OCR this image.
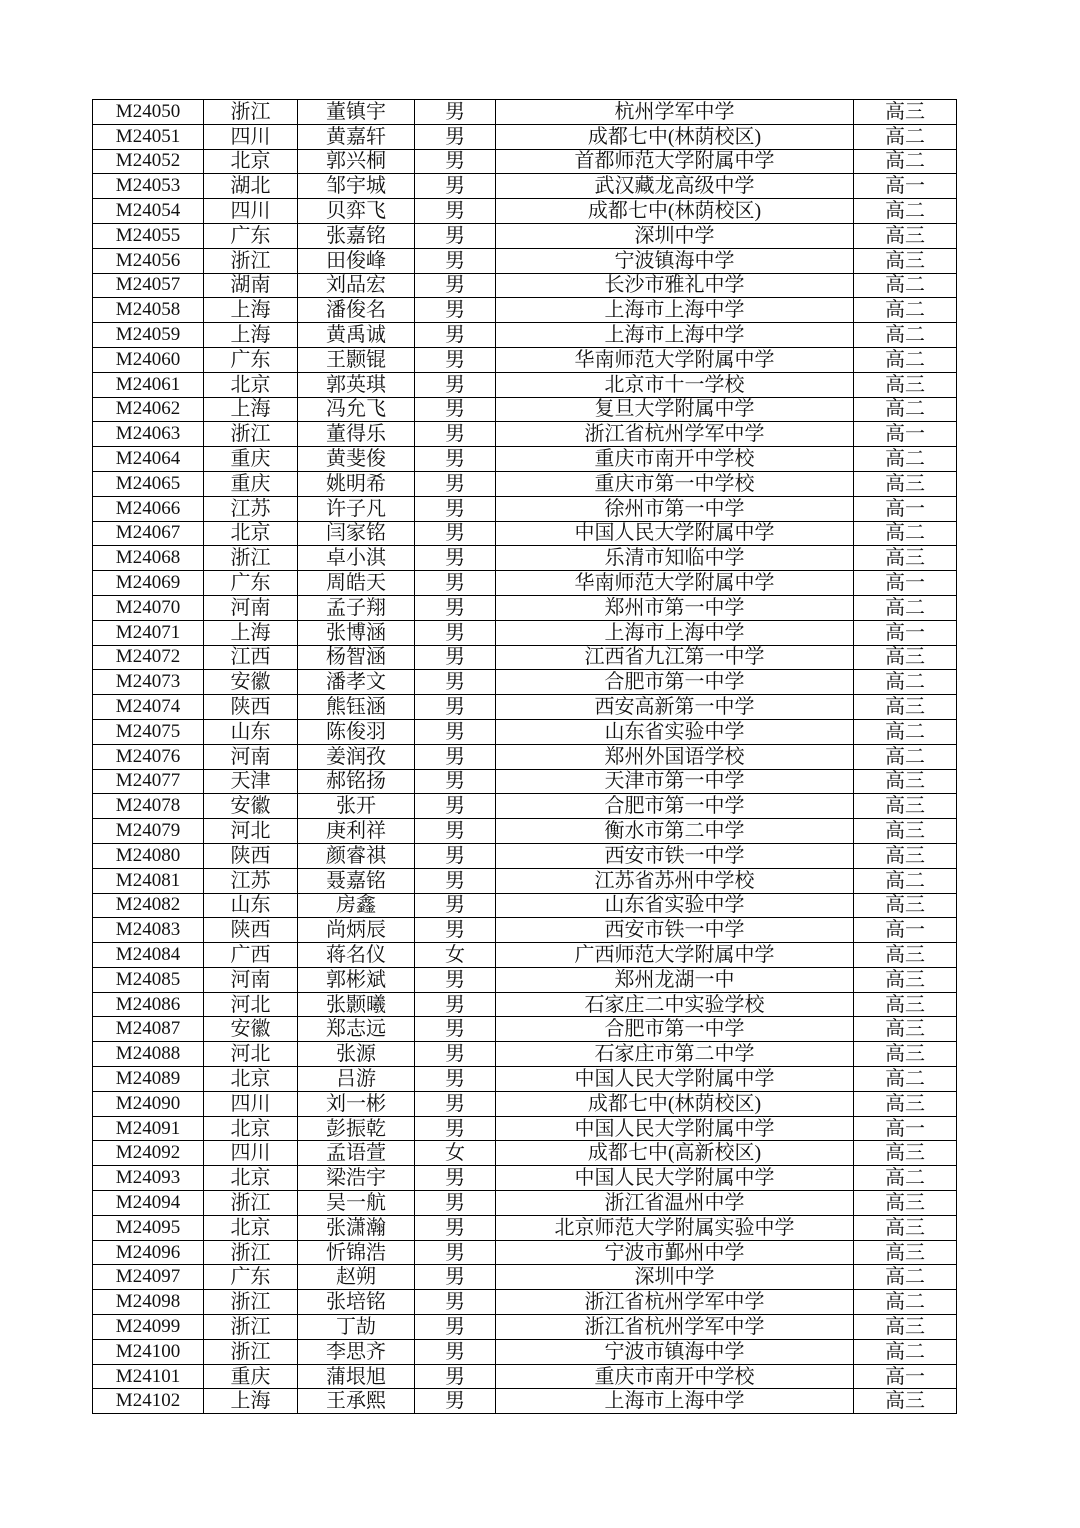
M24050	浙江	董镇宇	男	杭州学军中学	高三
M24051	四川	黄嘉轩	男	成都七中(林荫校区)	高二
M24052	北京	郭兴桐	男	首都师范大学附属中学	高二
M24053	湖北	邹宇城	男	武汉藏龙高级中学	高一
M24054	四川	贝弈飞	男	成都七中(林荫校区)	高二
M24055	广东	张嘉铭	男	深圳中学	高三
M24056	浙江	田俊峰	男	宁波镇海中学	高三
M24057	湖南	刘品宏	男	长沙市雅礼中学	高二
M24058	上海	潘俊名	男	上海市上海中学	高二
M24059	上海	黄禹诚	男	上海市上海中学	高二
M24060	广东	王颢锟	男	华南师范大学附属中学	高二
M24061	北京	郭英琪	男	北京市十一学校	高三
M24062	上海	冯允飞	男	复旦大学附属中学	高二
M24063	浙江	董得乐	男	浙江省杭州学军中学	高一
M24064	重庆	黄斐俊	男	重庆市南开中学校	高二
M24065	重庆	姚明希	男	重庆市第一中学校	高三
M24066	江苏	许子凡	男	徐州市第一中学	高一
M24067	北京	闫家铭	男	中国人民大学附属中学	高二
M24068	浙江	卓小淇	男	乐清市知临中学	高三
M24069	广东	周皓天	男	华南师范大学附属中学	高一
M24070	河南	孟子翔	男	郑州市第一中学	高二
M24071	上海	张博涵	男	上海市上海中学	高一
M24072	江西	杨智涵	男	江西省九江第一中学	高三
M24073	安徽	潘孝文	男	合肥市第一中学	高二
M24074	陕西	熊钰涵	男	西安高新第一中学	高三
M24075	山东	陈俊羽	男	山东省实验中学	高二
M24076	河南	姜润孜	男	郑州外国语学校	高二
M24077	天津	郝铭扬	男	天津市第一中学	高三
M24078	安徽	张开	男	合肥市第一中学	高三
M24079	河北	庚利祥	男	衡水市第二中学	高三
M24080	陕西	颜睿祺	男	西安市铁一中学	高三
M24081	江苏	聂嘉铭	男	江苏省苏州中学校	高二
M24082	山东	房鑫	男	山东省实验中学	高三
M24083	陕西	尚炳辰	男	西安市铁一中学	高一
M24084	广西	蒋名仪	女	广西师范大学附属中学	高三
M24085	河南	郭彬斌	男	郑州龙湖一中	高三
M24086	河北	张颢曦	男	石家庄二中实验学校	高三
M24087	安徽	郑志远	男	合肥市第一中学	高三
M24088	河北	张源	男	石家庄市第二中学	高三
M24089	北京	吕游	男	中国人民大学附属中学	高二
M24090	四川	刘一彬	男	成都七中(林荫校区)	高三
M24091	北京	彭振乾	男	中国人民大学附属中学	高一
M24092	四川	孟语萱	女	成都七中(高新校区)	高三
M24093	北京	梁浩宇	男	中国人民大学附属中学	高二
M24094	浙江	吴一航	男	浙江省温州中学	高三
M24095	北京	张潇瀚	男	北京师范大学附属实验中学	高三
M24096	浙江	忻锦浩	男	宁波市鄞州中学	高三
M24097	广东	赵朔	男	深圳中学	高二
M24098	浙江	张培铭	男	浙江省杭州学军中学	高二
M24099	浙江	丁劼	男	浙江省杭州学军中学	高三
M24100	浙江	李思齐	男	宁波市镇海中学	高二
M24101	重庆	蒲垠旭	男	重庆市南开中学校	高一
M24102	上海	王承熙	男	上海市上海中学	高三
